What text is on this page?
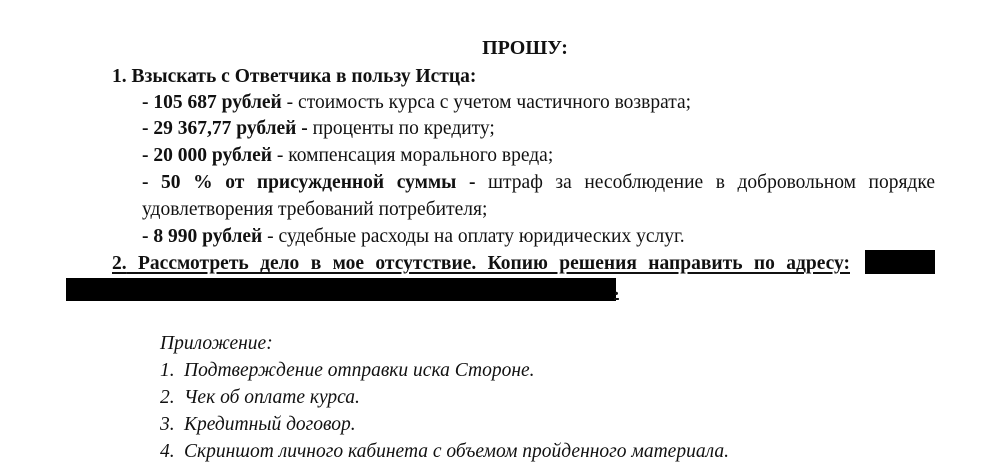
ПРОШУ:
1. Взыскать с Ответчика в пользу Истца:
- 105 687 рублей - стоимость курса с учетом частичного возврата;
- 29 367,77 рублей - проценты по кредиту;
- 20 000 рублей - компенсация морального вреда;
- 50 % от присужденной суммы - штраф за несоблюдение в добровольном порядке
удовлетворения требований потребителя;
- 8 990 рублей - судебные расходы на оплату юридических услуг.
2. Рассмотреть дело в мое отсутствие. Копию решения направить по адресу:
.
Приложение:
1. Подтверждение отправки иска Стороне.
2. Чек об оплате курса.
3. Кредитный договор.
4. Скриншот личного кабинета с объемом пройденного материала.
